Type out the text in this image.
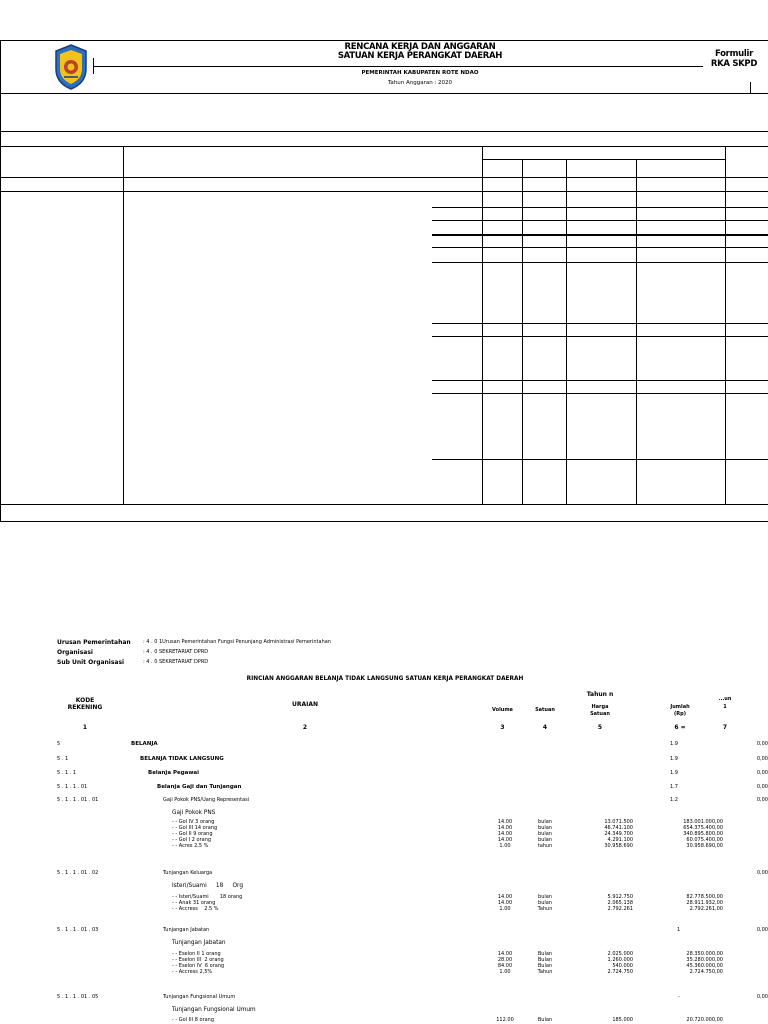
RENCANA KERJA DAN ANGGARAN
SATUAN KERJA PERANGKAT DAERAH
PEMERINTAH KABUPATEN ROTE NDAO
Tahun Anggaran : 2020
Formulir
RKA SKPD
Urusan Pemerintahan : 4 . 0 1Urusan Pemerintahan Fungsi Penunjang Administrasi Pemerintahan
Organisasi	: 4 . 0 SEKRETARIAT DPRD
Sub Unit Organisasi	: 4 . 0 SEKRETARIAT DPRD
RINCIAN ANGGARAN BELANJA TIDAK LANGSUNG SATUAN KERJA PERANGKAT DAERAH
KODE
REKENING	URAIAN
Tahun n
Volume	Satuan	Harga
Satuan
Jumlah
(Rp)
...un
1
1	2	3	4	5	6 =	7
5	BELANJA	1.9	0,00
5 . 1	BELANJA TIDAK LANGSUNG	1.9	0,00
5 . 1 . 1	Belanja Pegawai	1.9	0,00
5 . 1 . 1 . 01	Belanja Gaji dan Tunjangan	1.7	0,00
5 . 1 . 1 . 01 . 01	Gaji Pokok PNS/Uang Representasi	1.2	0,00
Gaji Pokok PNS
- - Gol IV 3 orang	14.00	bulan	13.071.500	183.001.000,00
- - Gol III 14 orang	14.00	bulan	46.741.100	654.375.400,00
- - Gol II 9 orang	14.00	bulan	24.349.700	340.895.800,00
- - Gol I 2 orang	14.00	bulan	4.291.100	60.075.400,00
- - Acres 2,5 %	1.00	tahun	30.958.690	30.958.690,00
5 . 1 . 1 . 01 . 02	Tunjangan Keluarga	0,00
Isteri/Suami     18     Org
- - Isteri/Suami       18 orang	14.00	bulan	5.912.750	82.778.500,00
- - Anak 31 orang	14.00	bulan	2.065.138	28.911.932,00
- - Accress    2.5 %	1.00	Tahun	2.792.261	2.792.261,00
5 . 1 . 1 . 01 . 03	Tunjangan Jabatan	1	0,00
Tunjangan Jabatan
- - Eselon II 1 orang	14.00	Bulan	2.025.000	28.350.000,00
- - Eselon III  2 orang	28.00	Bulan	1.260.000	35.280.000,00
- - Eselon IV  6 orang	84.00	Bulan	540.000	45.360.000,00
- - Accress 2,5%	1.00	Tahun	2.724.750	2.724.750,00
5 . 1 . 1 . 01 . 05	Tunjangan Fungsional Umum	-	0,00
Tunjangan Fungsional Umum
- - Gol III 8 orang	112.00	Bulan	185.000	20.720.000,00
